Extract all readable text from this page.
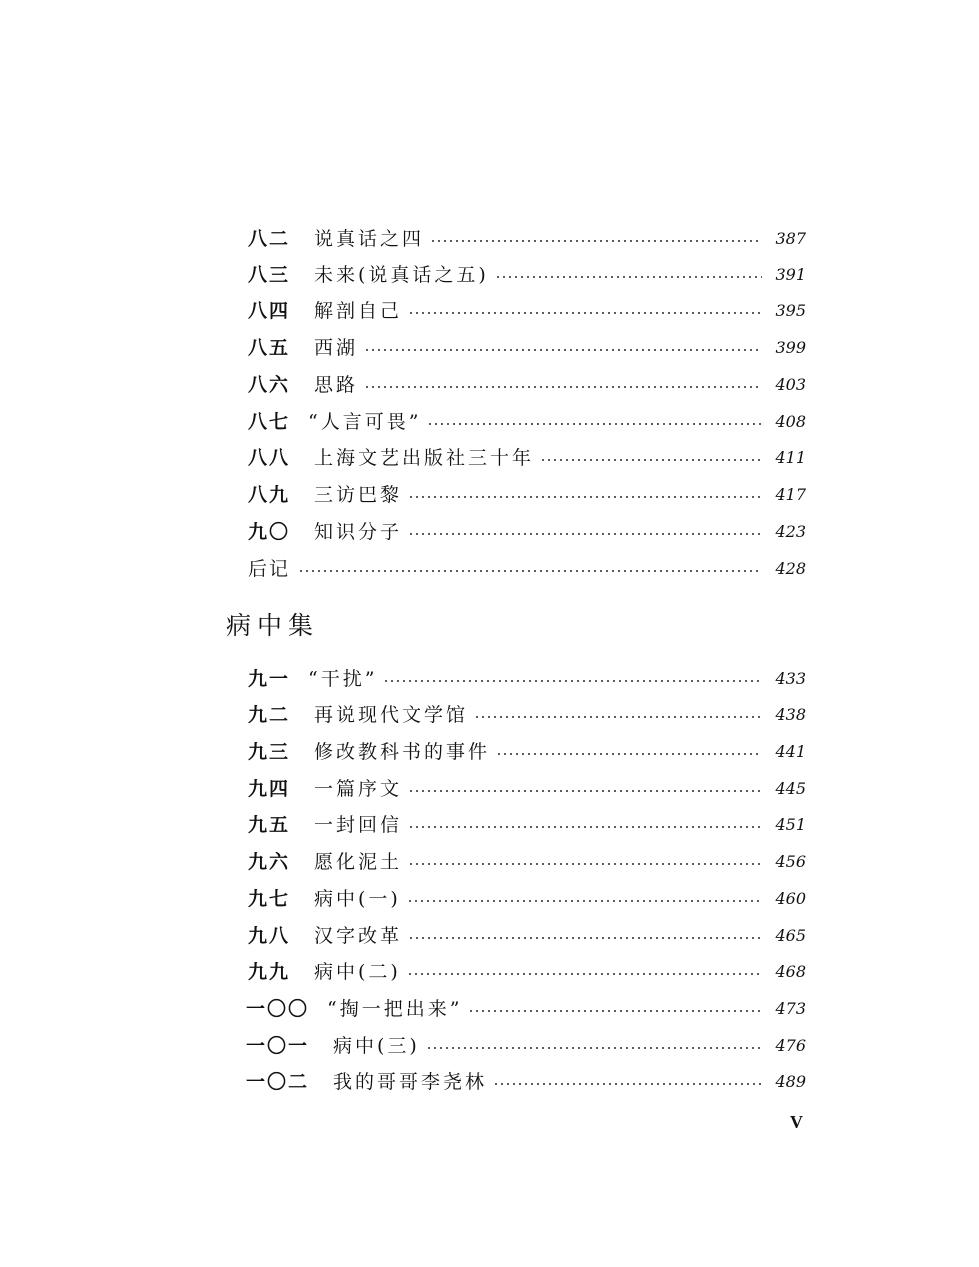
八二 说真话之四	387
八三 未来(说真话之五)	391
八四 解剖自己	395
八五 西湖	399
八六 思路	403
八七 “人言可畏”	408
八八 上海文艺出版社三十年	411
八九 三访巴黎	417
九〇 知识分子	423
后记	428
病中集
九一 “干扰”	433
九二 再说现代文学馆	438
九三 修改教科书的事件	441
九四 一篇序文	445
九五 一封回信	451
九六 愿化泥土	456
九七 病中(一)	460
九八 汉字改革	465
九九 病中(二)	468
一〇〇 “掏一把出来”	473
一〇一 病中(三)	476
一〇二 我的哥哥李尧林	489
V
